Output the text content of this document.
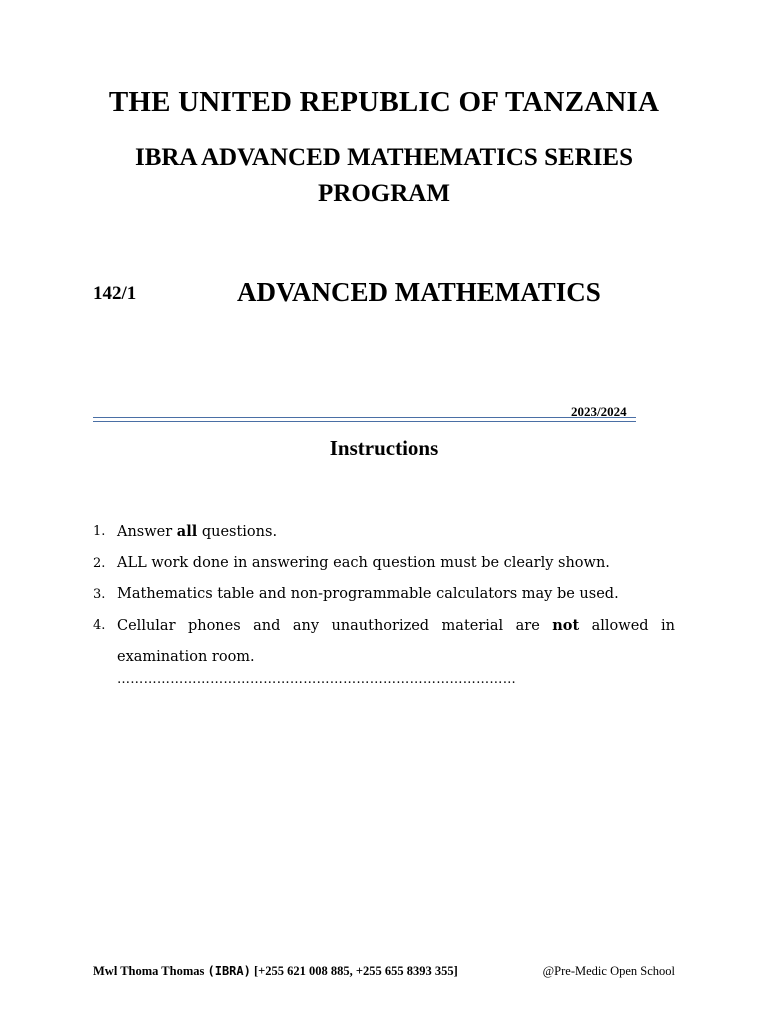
THE UNITED REPUBLIC OF TANZANIA
IBRA ADVANCED MATHEMATICS SERIES
PROGRAM
142/1	ADVANCED MATHEMATICS
2023/2024
Instructions
1. Answer all questions.
2. ALL work done in answering each question must be clearly shown.
3. Mathematics table and non-programmable calculators may be used.
4. Cellular phones and any unauthorized material are not allowed in
examination room.
………………………………………………………………………………
Mwl Thoma Thomas (IBRA) [+255 621 008 885, +255 655 8393 355]	@Pre-Medic Open School
